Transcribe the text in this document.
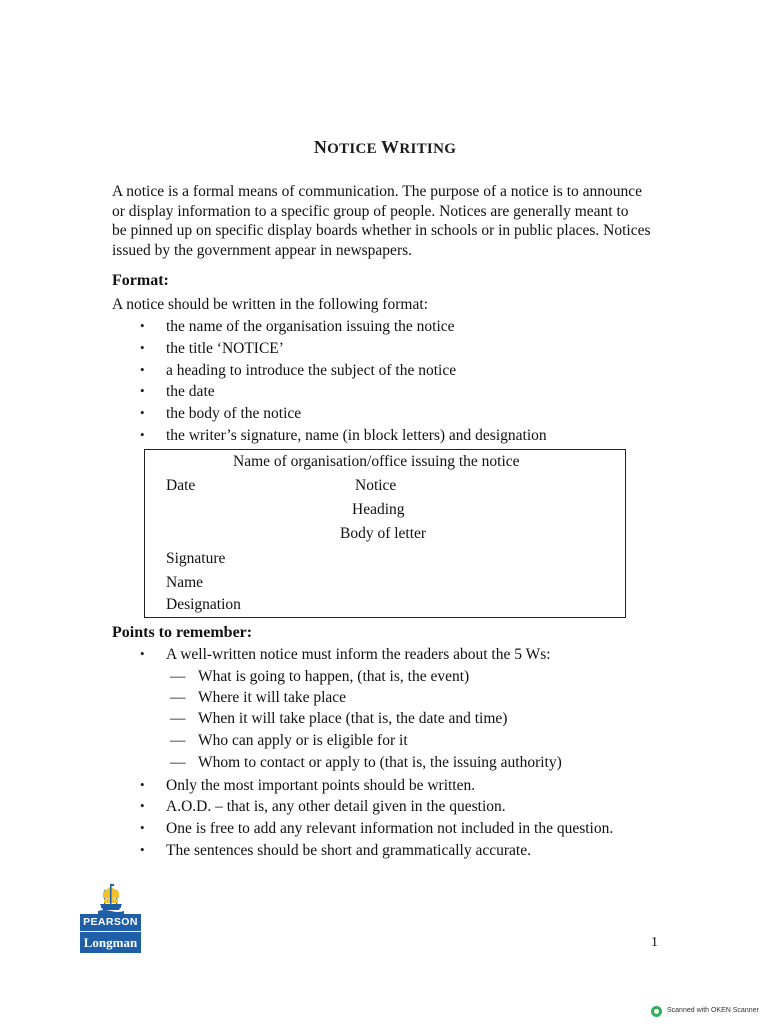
NOTICE WRITING
A notice is a formal means of communication. The purpose of a notice is to announce
or display information to a specific group of people. Notices are generally meant to
be pinned up on specific display boards whether in schools or in public places. Notices
issued by the government appear in newspapers.
Format:
A notice should be written in the following format:
•	the name of the organisation issuing the notice
•	the title ‘NOTICE’
•	a heading to introduce the subject of the notice
•	the date
•	the body of the notice
•	the writer’s signature, name (in block letters) and designation
Name of organisation/office issuing the notice
Date	Notice
Heading
Body of letter
Signature
Name
Designation
Points to remember:
•	A well-written notice must inform the readers about the 5 Ws:
— What is going to happen, (that is, the event)
— Where it will take place
— When it will take place (that is, the date and time)
— Who can apply or is eligible for it
— Whom to contact or apply to (that is, the issuing authority)
•	Only the most important points should be written.
•	A.O.D. – that is, any other detail given in the question.
•	One is free to add any relevant information not included in the question.
•	The sentences should be short and grammatically accurate.
PEARSON
Longman	1
Scanned with OKEN Scanner
